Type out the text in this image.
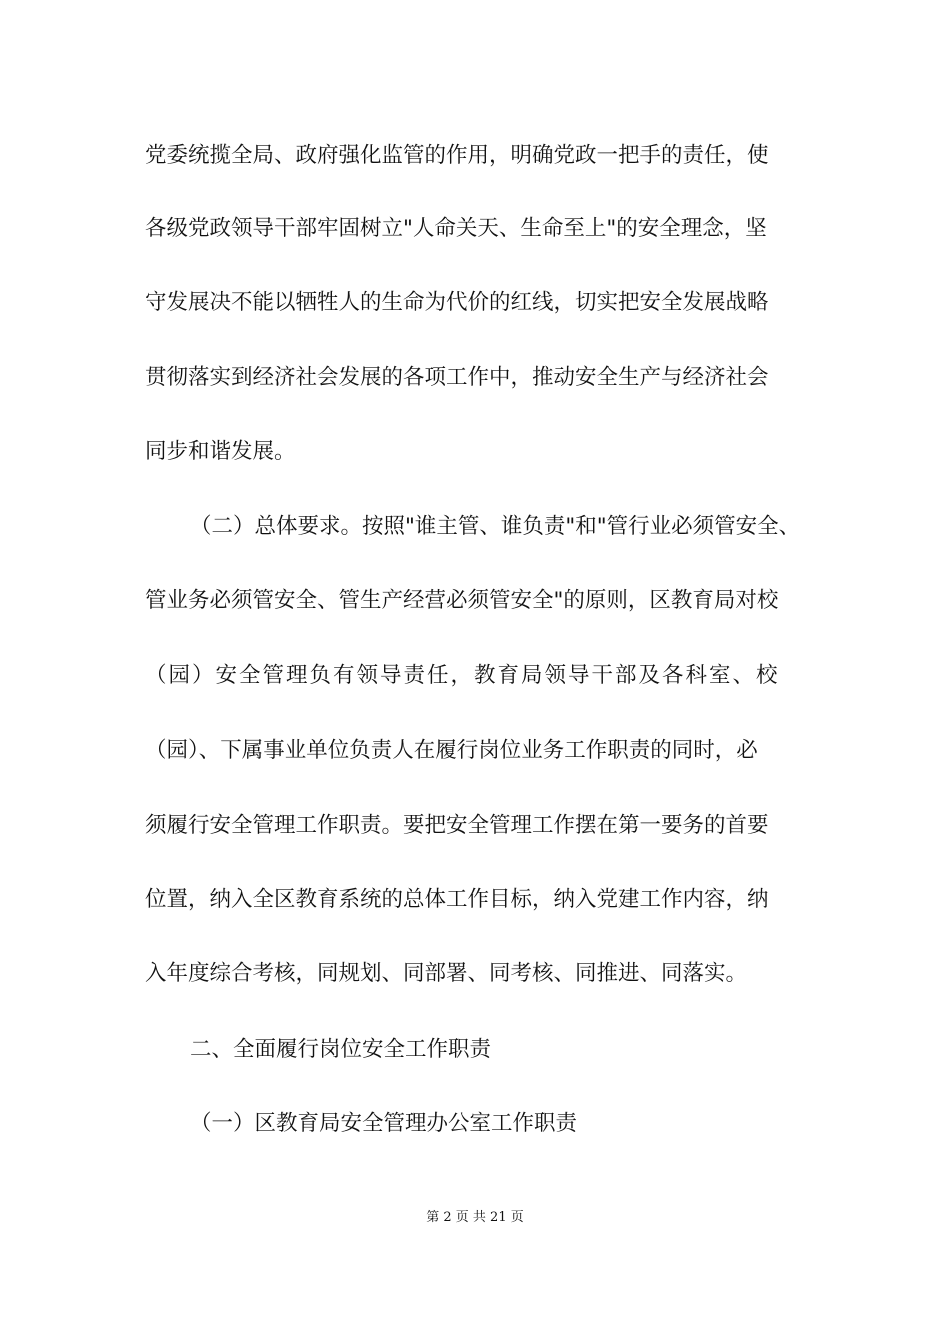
党委统揽全局、政府强化监管的作用，明确党政一把手的责任，使
各级党政领导干部牢固树立"人命关天、生命至上"的安全理念，坚
守发展决不能以牺牲人的生命为代价的红线，切实把安全发展战略
贯彻落实到经济社会发展的各项工作中，推动安全生产与经济社会
同步和谐发展。
（二）总体要求。按照"谁主管、谁负责"和"管行业必须管安全、
管业务必须管安全、管生产经营必须管安全"的原则，区教育局对校
（园）安全管理负有领导责任，教育局领导干部及各科室、校
（园）、下属事业单位负责人在履行岗位业务工作职责的同时，必
须履行安全管理工作职责。要把安全管理工作摆在第一要务的首要
位置，纳入全区教育系统的总体工作目标，纳入党建工作内容，纳
入年度综合考核，同规划、同部署、同考核、同推进、同落实。
二、全面履行岗位安全工作职责
（一）区教育局安全管理办公室工作职责
第 2 页 共 21 页
